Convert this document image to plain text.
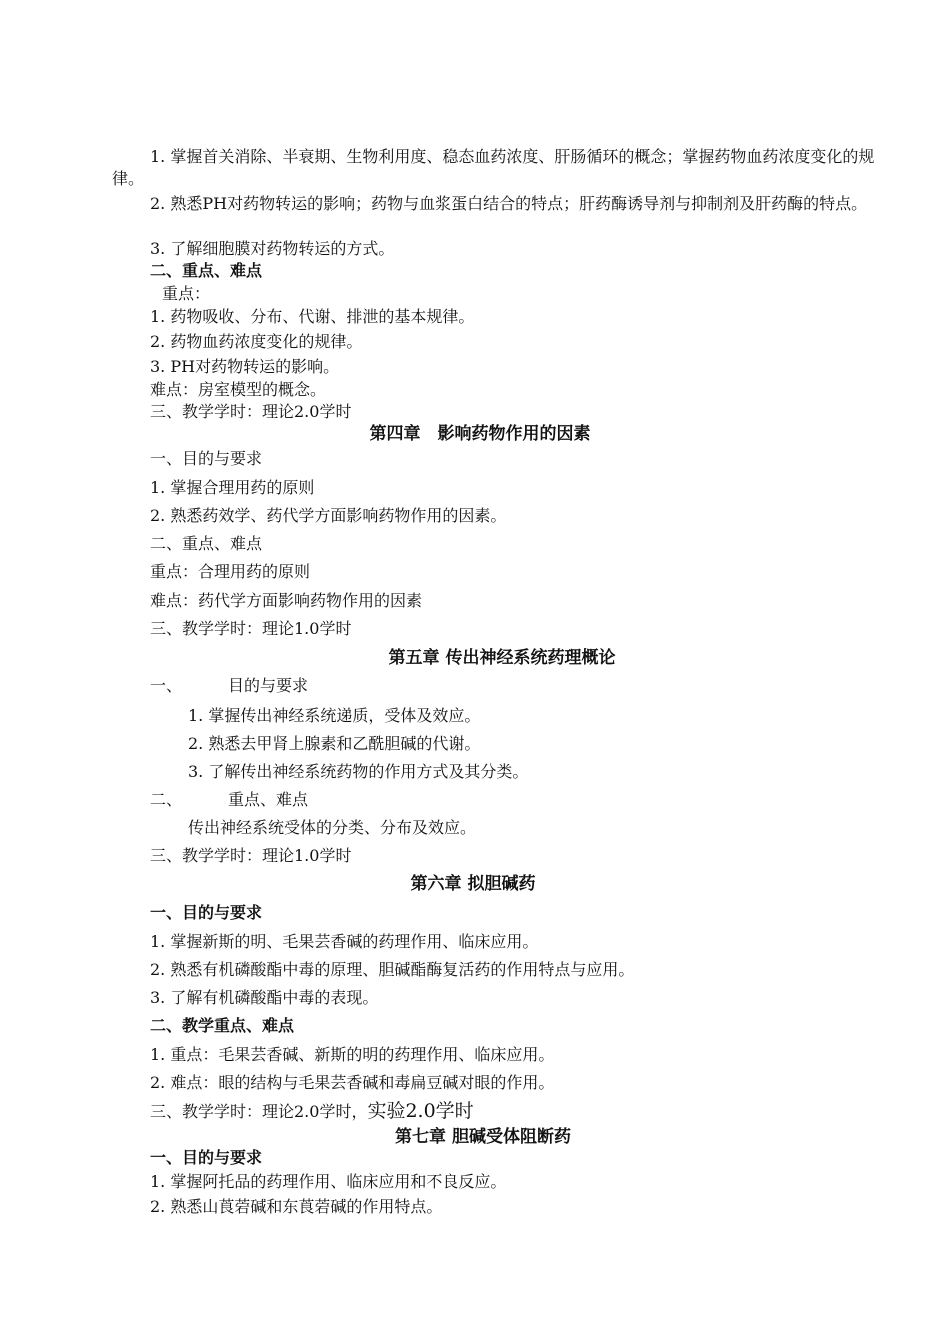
1. 掌握首关消除、半衰期、生物利用度、稳态血药浓度、肝肠循环的概念；掌握药物血药浓度变化的规律。
2. 熟悉PH对药物转运的影响；药物与血浆蛋白结合的特点；肝药酶诱导剂与抑制剂及肝药酶的特点。
3. 了解细胞膜对药物转运的方式。
二、重点、难点
重点：
1. 药物吸收、分布、代谢、排泄的基本规律。
2. 药物血药浓度变化的规律。
3. PH对药物转运的影响。
难点：房室模型的概念。
三、教学学时：理论2.0学时
第四章　影响药物作用的因素
一、目的与要求
1. 掌握合理用药的原则
2. 熟悉药效学、药代学方面影响药物作用的因素。
二、重点、难点
重点：合理用药的原则
难点：药代学方面影响药物作用的因素
三、教学学时：理论1.0学时
第五章 传出神经系统药理概论
一、	目的与要求
1. 掌握传出神经系统递质，受体及效应。
2. 熟悉去甲肾上腺素和乙酰胆碱的代谢。
3. 了解传出神经系统药物的作用方式及其分类。
二、	重点、难点
传出神经系统受体的分类、分布及效应。
三、教学学时：理论1.0学时
第六章 拟胆碱药
一、目的与要求
1. 掌握新斯的明、毛果芸香碱的药理作用、临床应用。
2. 熟悉有机磷酸酯中毒的原理、胆碱酯酶复活药的作用特点与应用。
3. 了解有机磷酸酯中毒的表现。
二、教学重点、难点
1. 重点：毛果芸香碱、新斯的明的药理作用、临床应用。
2. 难点：眼的结构与毛果芸香碱和毒扁豆碱对眼的作用。
三、教学学时：理论2.0学时，实验2.0学时
第七章 胆碱受体阻断药
一、目的与要求
1. 掌握阿托品的药理作用、临床应用和不良反应。
2. 熟悉山莨菪碱和东莨菪碱的作用特点。
